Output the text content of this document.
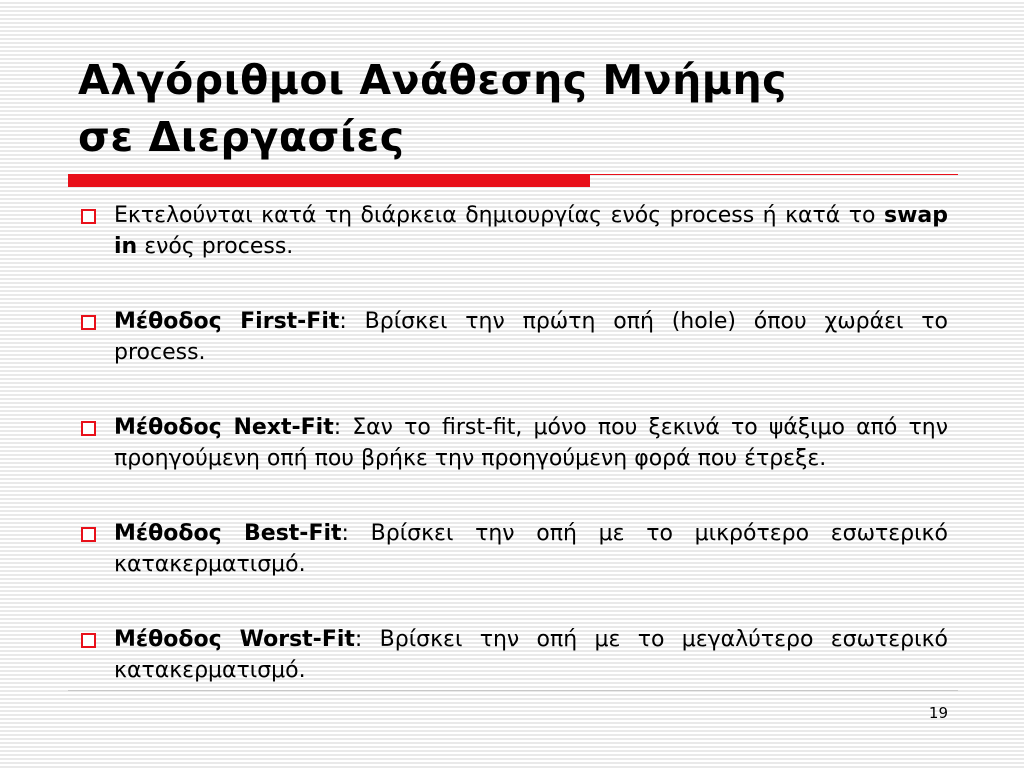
Αλγόριθμοι Ανάθεσης Μνήμης
σε Διεργασίες
Εκτελούνται κατά τη διάρκεια δημιουργίας ενός process ή κατά το swap in ενός process.
Μέθοδος First-Fit: Βρίσκει την πρώτη οπή (hole) όπου χωράει το process.
Μέθοδος Next-Fit: Σαν το first-fit, μόνο που ξεκινά το ψάξιμο από την προηγούμενη οπή που βρήκε την προηγούμενη φορά που έτρεξε.
Μέθοδος Best-Fit: Βρίσκει την οπή με το μικρότερο εσωτερικό κατακερματισμό.
Μέθοδος Worst-Fit: Βρίσκει την οπή με το μεγαλύτερο εσωτερικό κατακερματισμό.
19
